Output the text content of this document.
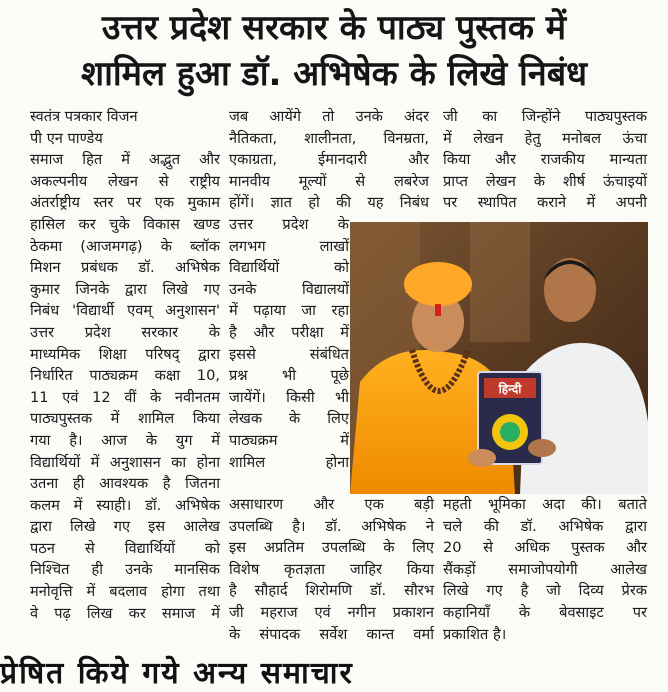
उत्तर प्रदेश सरकार के पाठ्य पुस्तक में
शामिल हुआ डॉ. अभिषेक के लिखे निबंध
स्वतंत्र पत्रकार विजन
पी एन पाण्डेय
समाज हित में अद्भुत और
अकल्पनीय लेखन से राष्ट्रीय
अंतर्राष्ट्रीय स्तर पर एक मुकाम
हासिल कर चुके विकास खण्ड
ठेकमा (आजमगढ़) के ब्लॉक
मिशन प्रबंधक डॉ. अभिषेक
कुमार जिनके द्वारा लिखे गए
निबंध 'विद्यार्थी एवम् अनुशासन'
उत्तर प्रदेश सरकार के
माध्यमिक शिक्षा परिषद् द्वारा
निर्धारित पाठ्यक्रम कक्षा 10,
11 एवं 12 वीं के नवीनतम
पाठ्यपुस्तक में शामिल किया
गया है। आज के युग में
विद्यार्थियों में अनुशासन का होना
उतना ही आवश्यक है जितना
कलम में स्याही। डॉ. अभिषेक
द्वारा लिखे गए इस आलेख
पठन से विद्यार्थियों को
निश्चित ही उनके मानसिक
मनोवृत्ति में बदलाव होगा तथा
वे पढ़ लिख कर समाज में
जब आयेंगे तो उनके अंदर
नैतिकता, शालीनता, विनम्रता,
एकाग्रता, ईमानदारी और
मानवीय मूल्यों से लबरेज
होंगें। ज्ञात हो की यह निबंध
उत्तर प्रदेश के
लगभग लाखों
विद्यार्थियों को
उनके विद्यालयों
में पढ़ाया जा रहा
है और परीक्षा में
इससे संबंधित
प्रश्न भी पूछे
जायेंगें। किसी भी
लेखक के लिए
पाठ्यक्रम में
शामिल होना
असाधारण और एक बड़ी
उपलब्धि है। डॉ. अभिषेक ने
इस अप्रतिम उपलब्धि के लिए
विशेष कृतज्ञता जाहिर किया
है सौहार्द शिरोमणि डॉ. सौरभ
जी महराज एवं नगीन प्रकाशन
के संपादक सर्वेश कान्त वर्मा
जी का जिन्होंने पाठ्यपुस्तक
में लेखन हेतु मनोबल ऊंचा
किया और राजकीय मान्यता
प्राप्त लेखन के शीर्ष ऊंचाइयों
पर स्थापित कराने में अपनी
महती भूमिका अदा की। बताते
चले की डॉ. अभिषेक द्वारा
20 से अधिक पुस्तक और
सैंकड़ों समाजोपयोगी आलेख
लिखे गए है जो दिव्य प्रेरक
कहानियाँ के बेवसाइट पर
प्रकाशित है।
हिन्दी
प्रेषित किये गये अन्य समाचार
